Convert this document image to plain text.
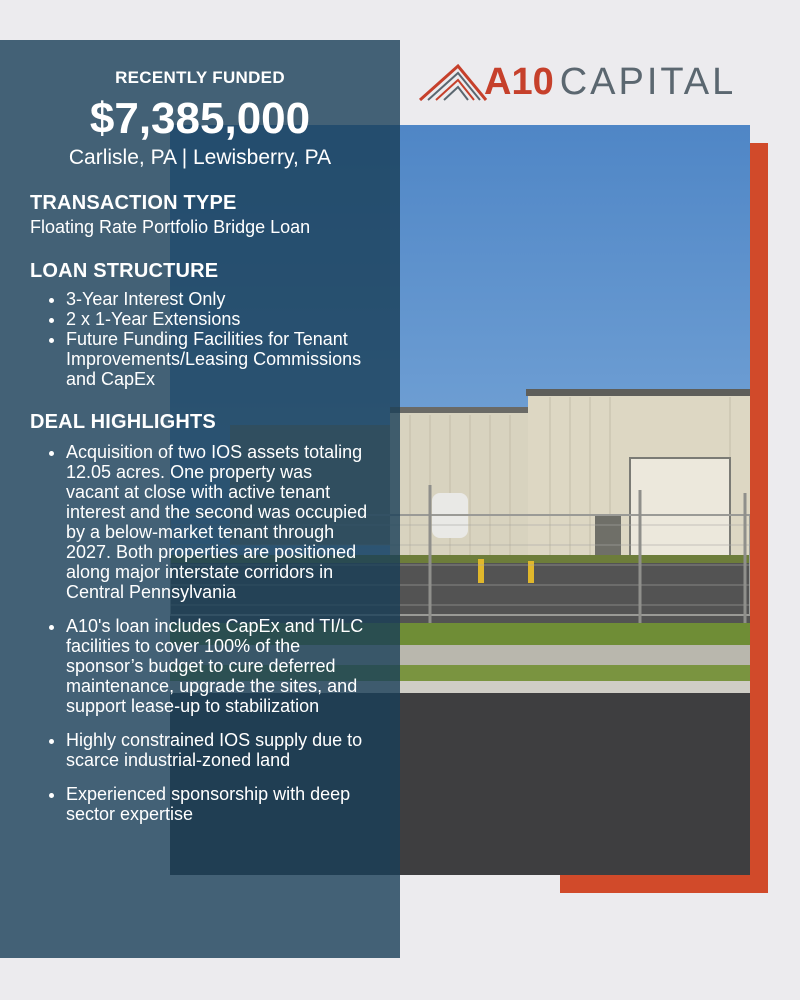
A10 CAPITAL
RECENTLY FUNDED
$7,385,000
Carlisle, PA | Lewisberry, PA
TRANSACTION TYPE
Floating Rate Portfolio Bridge Loan
LOAN STRUCTURE
• 3-Year Interest Only
• 2 x 1-Year Extensions
• Future Funding Facilities for Tenant Improvements/Leasing Commissions and CapEx
DEAL HIGHLIGHTS
• Acquisition of two IOS assets totaling 12.05 acres. One property was vacant at close with active tenant interest and the second was occupied by a below-market tenant through 2027. Both properties are positioned along major interstate corridors in Central Pennsylvania
• A10's loan includes CapEx and TI/LC facilities to cover 100% of the sponsor’s budget to cure deferred maintenance, upgrade the sites, and support lease-up to stabilization
• Highly constrained IOS supply due to scarce industrial-zoned land
• Experienced sponsorship with deep sector expertise
